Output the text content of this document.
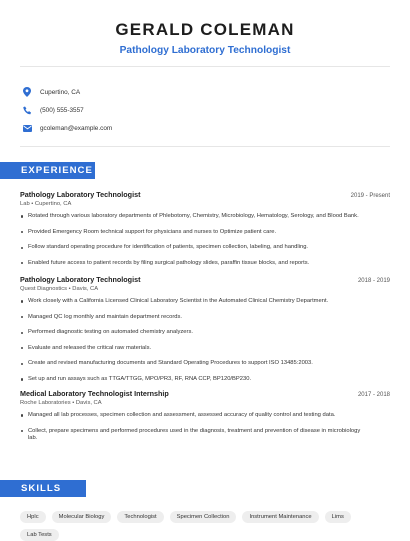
GERALD COLEMAN
Pathology Laboratory Technologist
Cupertino, CA
(500) 555-3557
gcoleman@example.com
EXPERIENCE
Pathology Laboratory Technologist	2019 - Present
Lab • Cupertino, CA
Rotated through various laboratory departments of Phlebotomy, Chemistry, Microbiology, Hematology, Serology, and Blood Bank.
Provided Emergency Room technical support for physicians and nurses to Optimize patient care.
Follow standard operating procedure for identification of patients, specimen collection, labeling, and handling.
Enabled future access to patient records by filing surgical pathology slides, paraffin tissue blocks, and reports.
Pathology Laboratory Technologist	2018 - 2019
Quest Diagnostics • Davis, CA
Work closely with a California Licensed Clinical Laboratory Scientist in the Automated Clinical Chemistry Department.
Managed QC log monthly and maintain department records.
Performed diagnostic testing on automated chemistry analyzers.
Evaluate and released the critical raw materials.
Create and revised manufacturing documents and Standard Operating Procedures to support ISO 13485:2003.
Set up and run assays such as TTGA/TTGG, MPO/PR3, RF, RNA CCP, BP120/BP230.
Medical Laboratory Technologist Internship	2017 - 2018
Roche Laboratories • Davis, CA
Managed all lab processes, specimen collection and assessment, assessed accuracy of quality control and testing data.
Collect, prepare specimens and performed procedures used in the diagnosis, treatment and prevention of disease in microbiology lab.
SKILLS
Hplc	Molecular Biology	Technologist	Specimen Collection	Instrument Maintenance	Lims
Lab Tests
